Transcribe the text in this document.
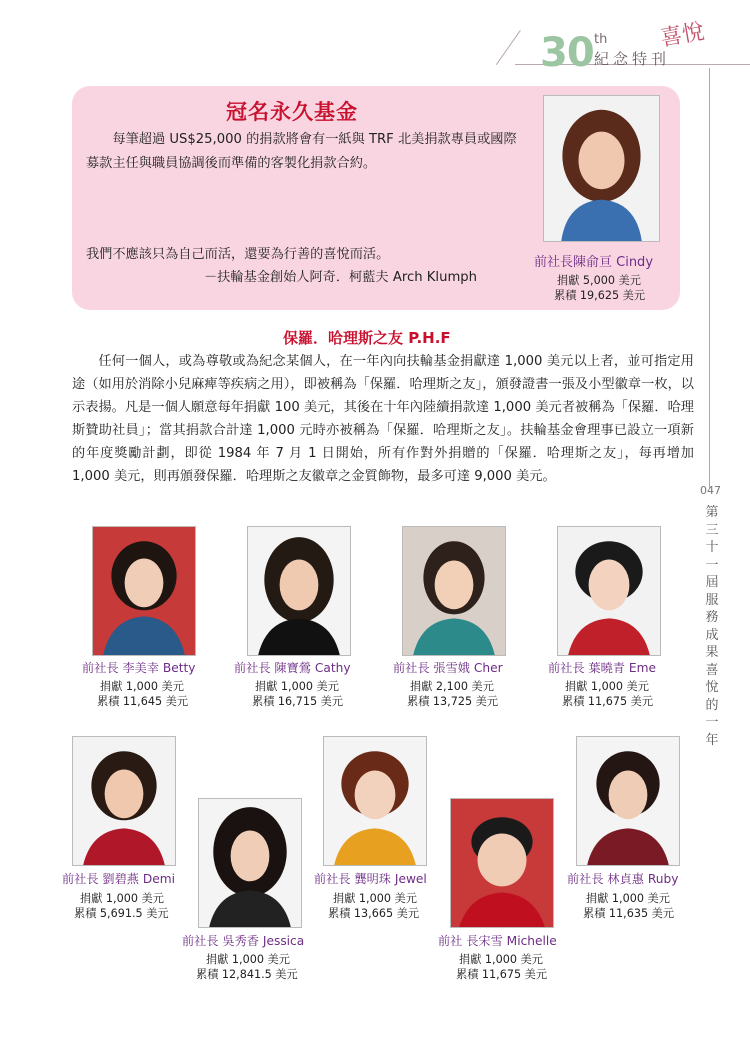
30 th
紀念特刊
喜悅
047
第三十一屆服務成果喜悅的一年
冠名永久基金
每筆超過 US$25,000 的捐款將會有一紙與 TRF 北美捐款專員或國際募款主任與職員協調後而準備的客製化捐款合約。
我們不應該只為自己而活，還要為行善的喜悅而活。
－扶輪基金創始人阿奇．柯藍夫 Arch Klumph
前社長陳俞亘 Cindy
捐獻 5,000 美元
累積 19,625 美元
保羅．哈理斯之友 P.H.F

任何一個人，或為尊敬或為紀念某個人，在一年內向扶輪基金捐獻達 1,000 美元以上者，並可指定用途（如用於消除小兒麻痺等疾病之用），即被稱為「保羅．哈理斯之友」，頒發證書一張及小型徽章一枚，以示表揚。凡是一個人願意每年捐獻 100 美元，其後在十年內陸續捐款達 1,000 美元者被稱為「保羅．哈理斯贊助社員」；當其捐款合計達 1,000 元時亦被稱為「保羅．哈理斯之友」。扶輪基金會理事已設立一項新的年度獎勵計劃，即從 1984 年 7 月 1 日開始，所有作對外捐贈的「保羅．哈理斯之友」，每再增加 1,000 美元，則再頒發保羅．哈理斯之友徽章之金質飾物，最多可達 9,000 美元。

前社長 李美幸 Betty
捐獻 1,000 美元
累積 11,645 美元
前社長 陳寶鶯 Cathy
捐獻 1,000 美元
累積 16,715 美元
前社長 張雪娥 Cher
捐獻 2,100 美元
累積 13,725 美元
前社長 葉曉青 Eme
捐獻 1,000 美元
累積 11,675 美元
前社長 劉碧燕 Demi
捐獻 1,000 美元
累積 5,691.5 美元
前社長 吳秀香 Jessica
捐獻 1,000 美元
累積 12,841.5 美元
前社長 龔明珠 Jewel
捐獻 1,000 美元
累積 13,665 美元
前社 長宋雪 Michelle
捐獻 1,000 美元
累積 11,675 美元
前社長 林貞惠 Ruby
捐獻 1,000 美元
累積 11,635 美元
